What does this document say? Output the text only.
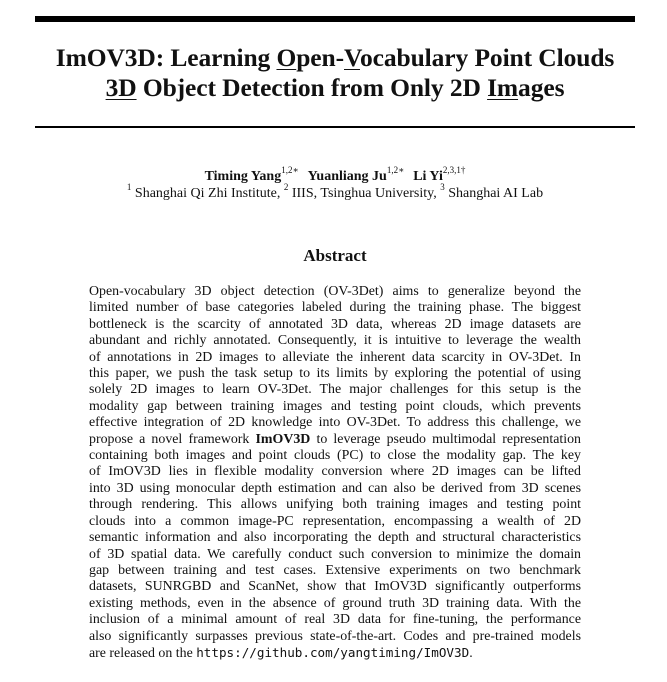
ImOV3D: Learning Open-Vocabulary Point Clouds
3D Object Detection from Only 2D Images
Timing Yang$^{1,2∗}$ Yuanliang $Ju^{1,2∗}$ Li $Yi^{2,3,1\dagger}$
$^1$ Shanghai Qi Zhi Institute, $^2$ IIIS, Tsinghua University, $^3$ Shanghai AI Lab
Abstract
Open-vocabulary 3D object detection (OV-3Det) aims to generalize beyond the
limited number of base categories labeled during the training phase. The biggest
bottleneck is the scarcity of annotated 3D data, whereas 2D image datasets are
abundant and richly annotated. Consequently, it is intuitive to leverage the wealth
of annotations in 2D images to alleviate the inherent data scarcity in OV-3Det. In
this paper, we push the task setup to its limits by exploring the potential of using
solely 2D images to learn OV-3Det. The major challenges for this setup is the
modality gap between training images and testing point clouds, which prevents
effective integration of 2D knowledge into OV-3Det. To address this challenge, we
propose a novel framework ImOV3D to leverage pseudo multimodal representation
containing both images and point clouds (PC) to close the modality gap. The key
of ImOV3D lies in flexible modality conversion where 2D images can be lifted
into 3D using monocular depth estimation and can also be derived from 3D scenes
through rendering. This allows unifying both training images and testing point
clouds into a common image-PC representation, encompassing a wealth of 2D
semantic information and also incorporating the depth and structural characteristics
of 3D spatial data. We carefully conduct such conversion to minimize the domain
gap between training and test cases. Extensive experiments on two benchmark
datasets, SUNRGBD and ScanNet, show that ImOV3D significantly outperforms
existing methods, even in the absence of ground truth 3D training data. With the
inclusion of a minimal amount of real 3D data for fine-tuning, the performance
also significantly surpasses previous state-of-the-art. Codes and pre-trained models
are released on the https://github.com/yangtiming/ImOV3D.
